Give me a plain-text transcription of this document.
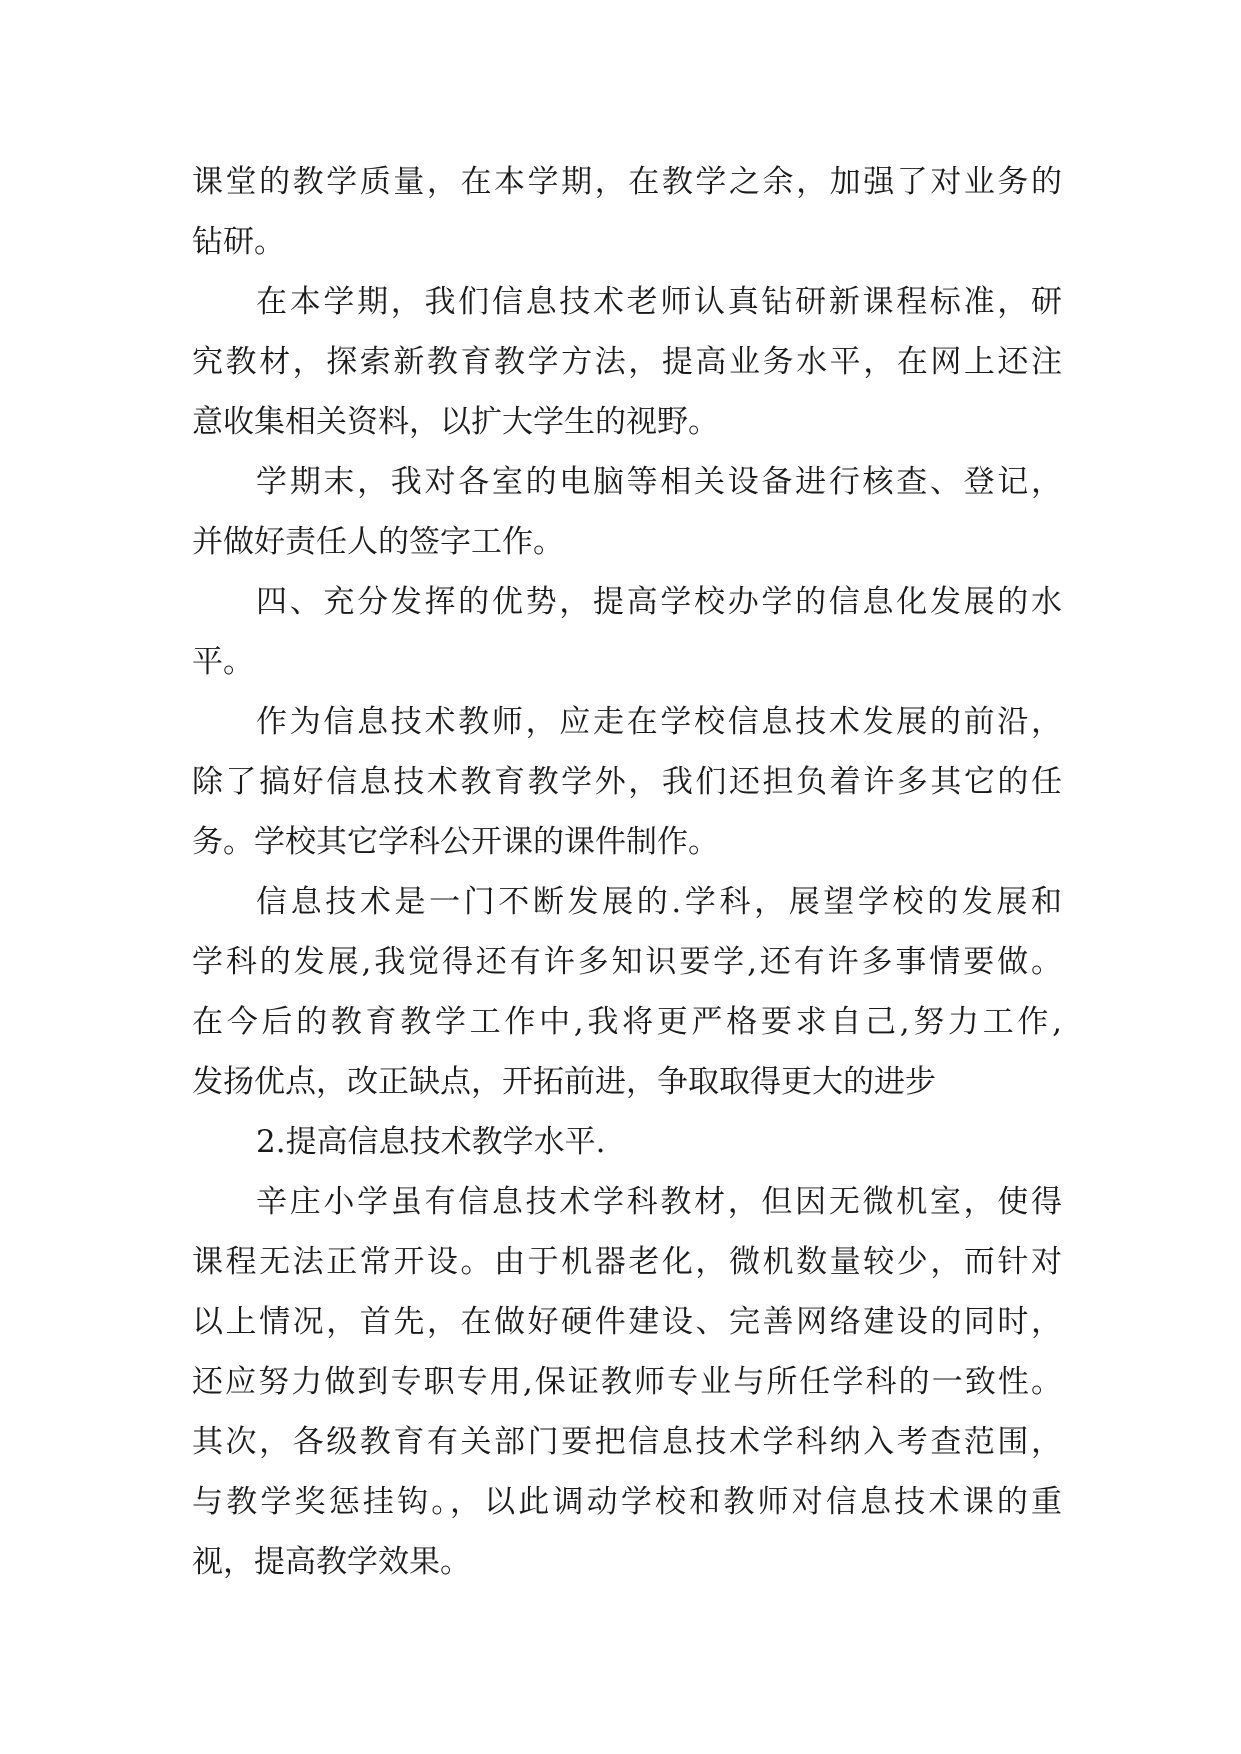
课堂的教学质量，在本学期，在教学之余，加强了对业务的
钻研。
在本学期，我们信息技术老师认真钻研新课程标准，研
究教材，探索新教育教学方法，提高业务水平，在网上还注
意收集相关资料，以扩大学生的视野。
学期末，我对各室的电脑等相关设备进行核查、登记，
并做好责任人的签字工作。
四、充分发挥的优势，提高学校办学的信息化发展的水
平。
作为信息技术教师，应走在学校信息技术发展的前沿，
除了搞好信息技术教育教学外，我们还担负着许多其它的任
务。学校其它学科公开课的课件制作。
信息技术是一门不断发展的.学科，展望学校的发展和
学科的发展,我觉得还有许多知识要学,还有许多事情要做。
在今后的教育教学工作中,我将更严格要求自己,努力工作,
发扬优点，改正缺点，开拓前进，争取取得更大的进步
2.提高信息技术教学水平.
辛庄小学虽有信息技术学科教材，但因无微机室，使得
课程无法正常开设。由于机器老化，微机数量较少，而针对
以上情况，首先，在做好硬件建设、完善网络建设的同时，
还应努力做到专职专用,保证教师专业与所任学科的一致性。
其次，各级教育有关部门要把信息技术学科纳入考查范围，
与教学奖惩挂钩。，以此调动学校和教师对信息技术课的重
视，提高教学效果。
